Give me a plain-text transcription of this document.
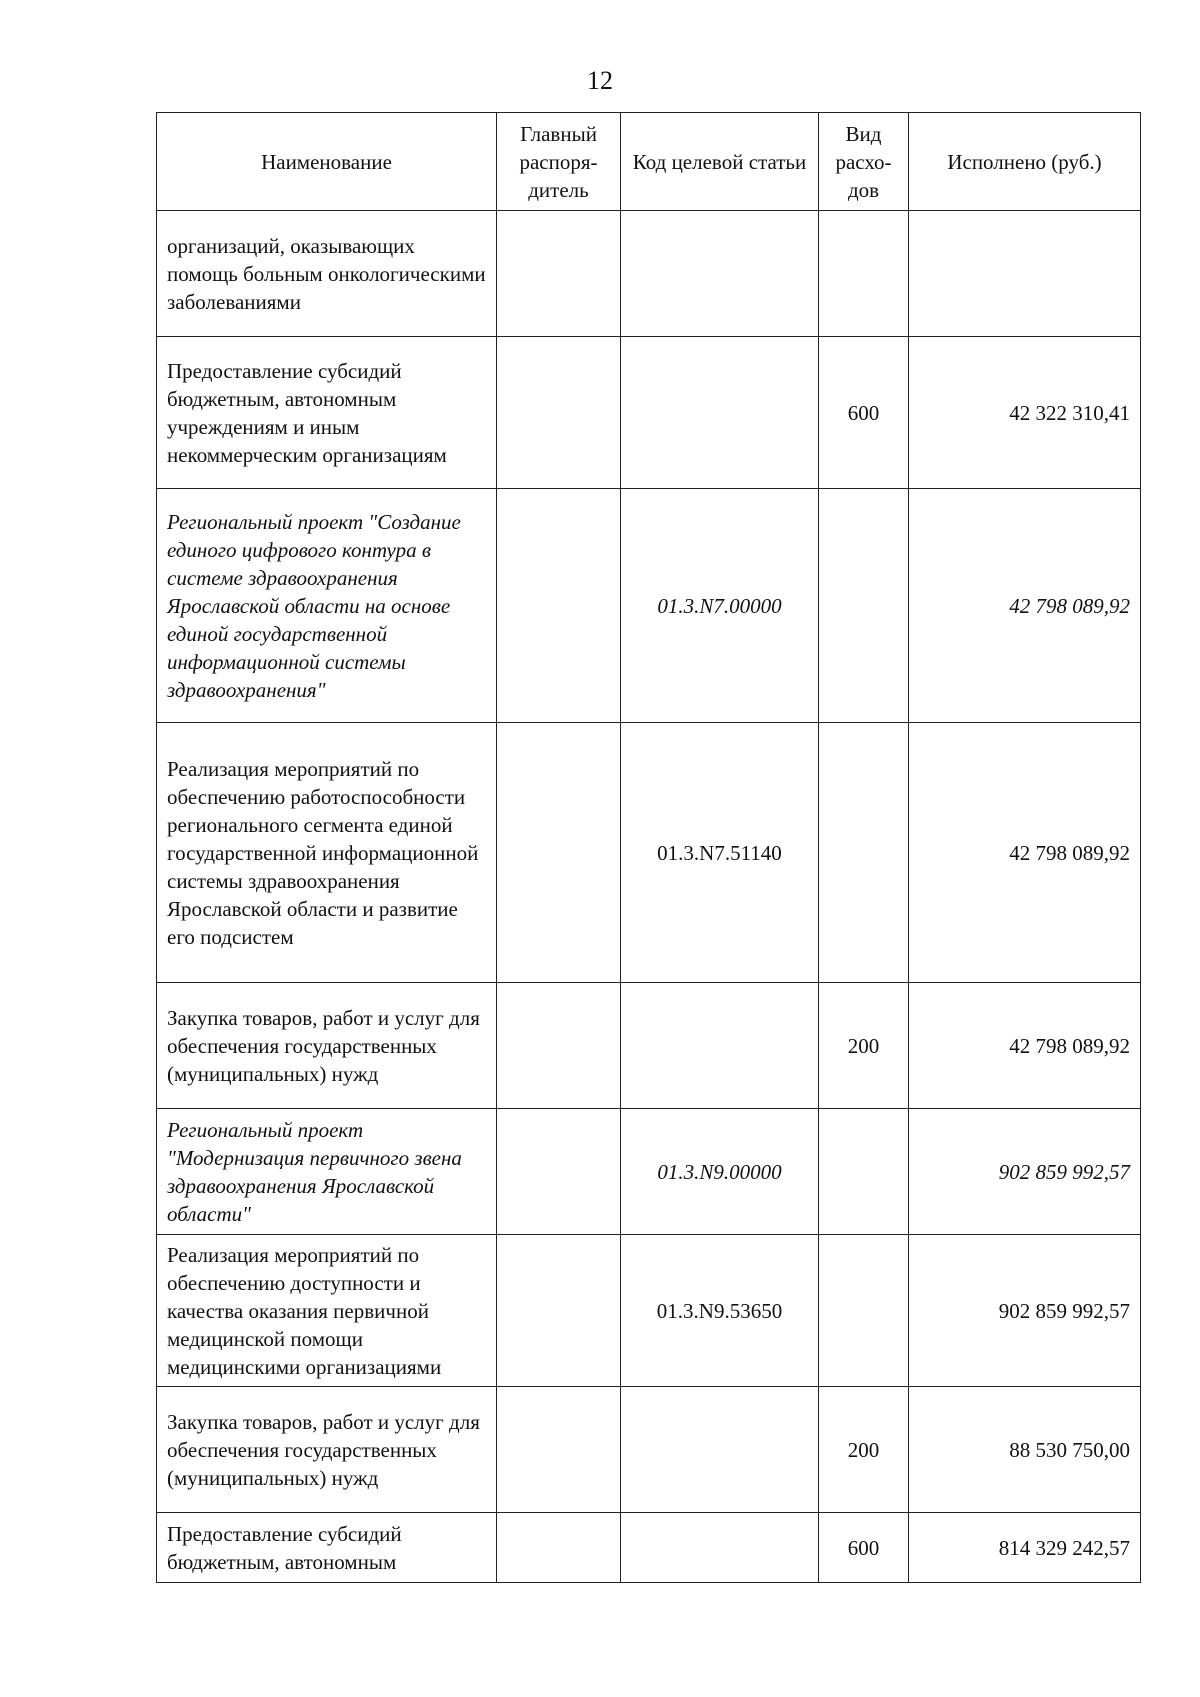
12
Наименование	Главный распоря-дитель	Код целевой статьи	Вид расхо-дов	Исполнено (руб.)
организаций, оказывающих помощь больным онкологическими заболеваниями				
Предоставление субсидий бюджетным, автономным учреждениям и иным некоммерческим организациям			600	42 322 310,41
Региональный проект "Создание единого цифрового контура в системе здравоохранения Ярославской области на основе единой государственной информационной системы здравоохранения"		01.3.N7.00000		42 798 089,92
Реализация мероприятий по обеспечению работоспособности регионального сегмента единой государственной информационной системы здравоохранения Ярославской области и развитие его подсистем		01.3.N7.51140		42 798 089,92
Закупка товаров, работ и услуг для обеспечения государственных (муниципальных) нужд			200	42 798 089,92
Региональный проект "Модернизация первичного звена здравоохранения Ярославской области"		01.3.N9.00000		902 859 992,57
Реализация мероприятий по обеспечению доступности и качества оказания первичной медицинской помощи медицинскими организациями		01.3.N9.53650		902 859 992,57
Закупка товаров, работ и услуг для обеспечения государственных (муниципальных) нужд			200	88 530 750,00
Предоставление субсидий бюджетным, автономным			600	814 329 242,57
